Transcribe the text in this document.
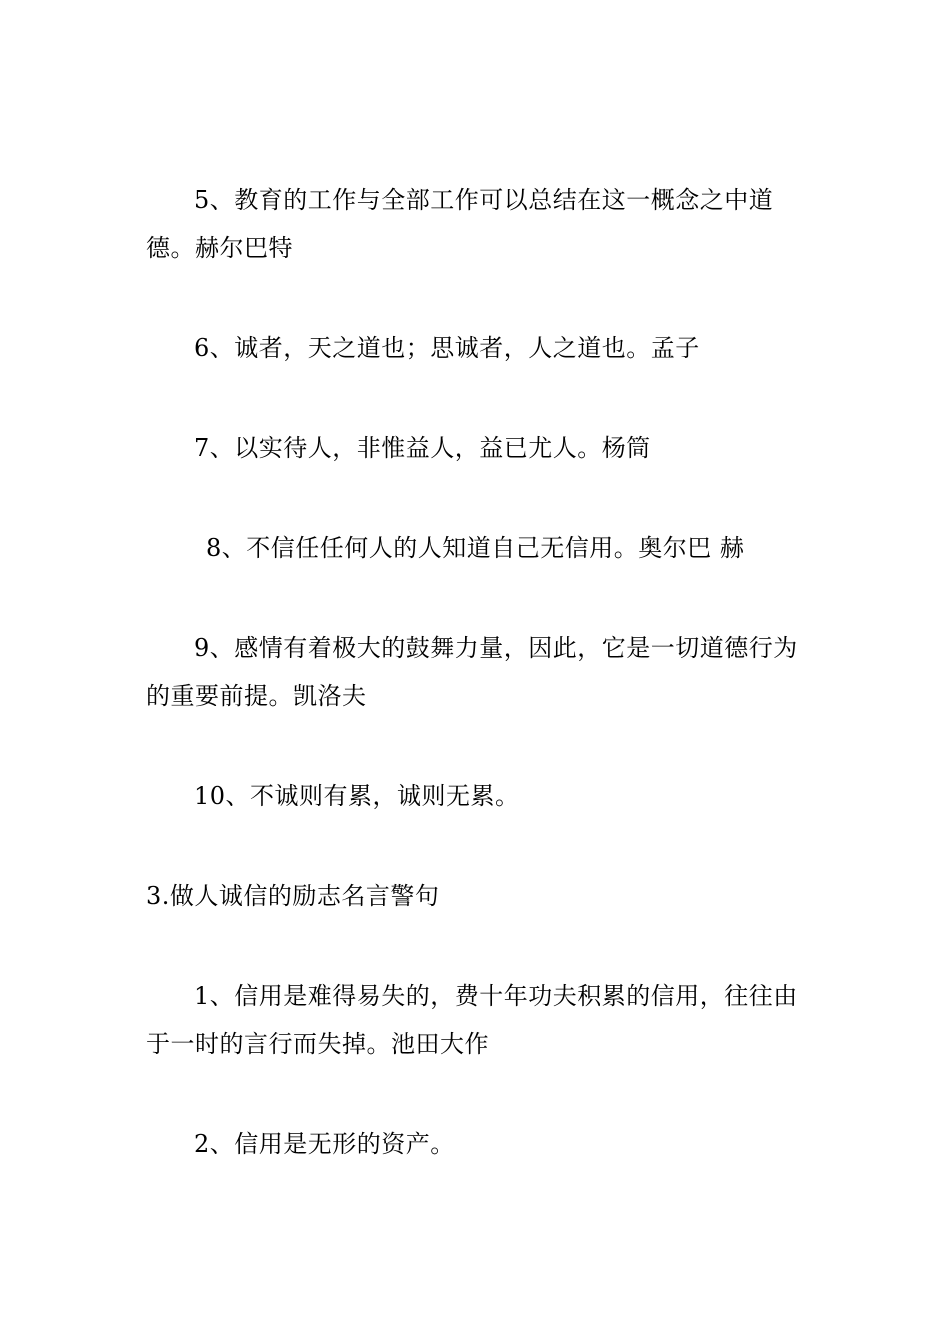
5、教育的工作与全部工作可以总结在这一概念之中道德。赫尔巴特

6、诚者，天之道也；思诚者，人之道也。孟子

7、以实待人，非惟益人，益已尤人。杨筒

8、不信任任何人的人知道自己无信用。奥尔巴 赫

9、感情有着极大的鼓舞力量，因此，它是一切道德行为的重要前提。凯洛夫

10、不诚则有累，诚则无累。

3.做人诚信的励志名言警句

1、信用是难得易失的，费十年功夫积累的信用，往往由于一时的言行而失掉。池田大作

2、信用是无形的资产。
